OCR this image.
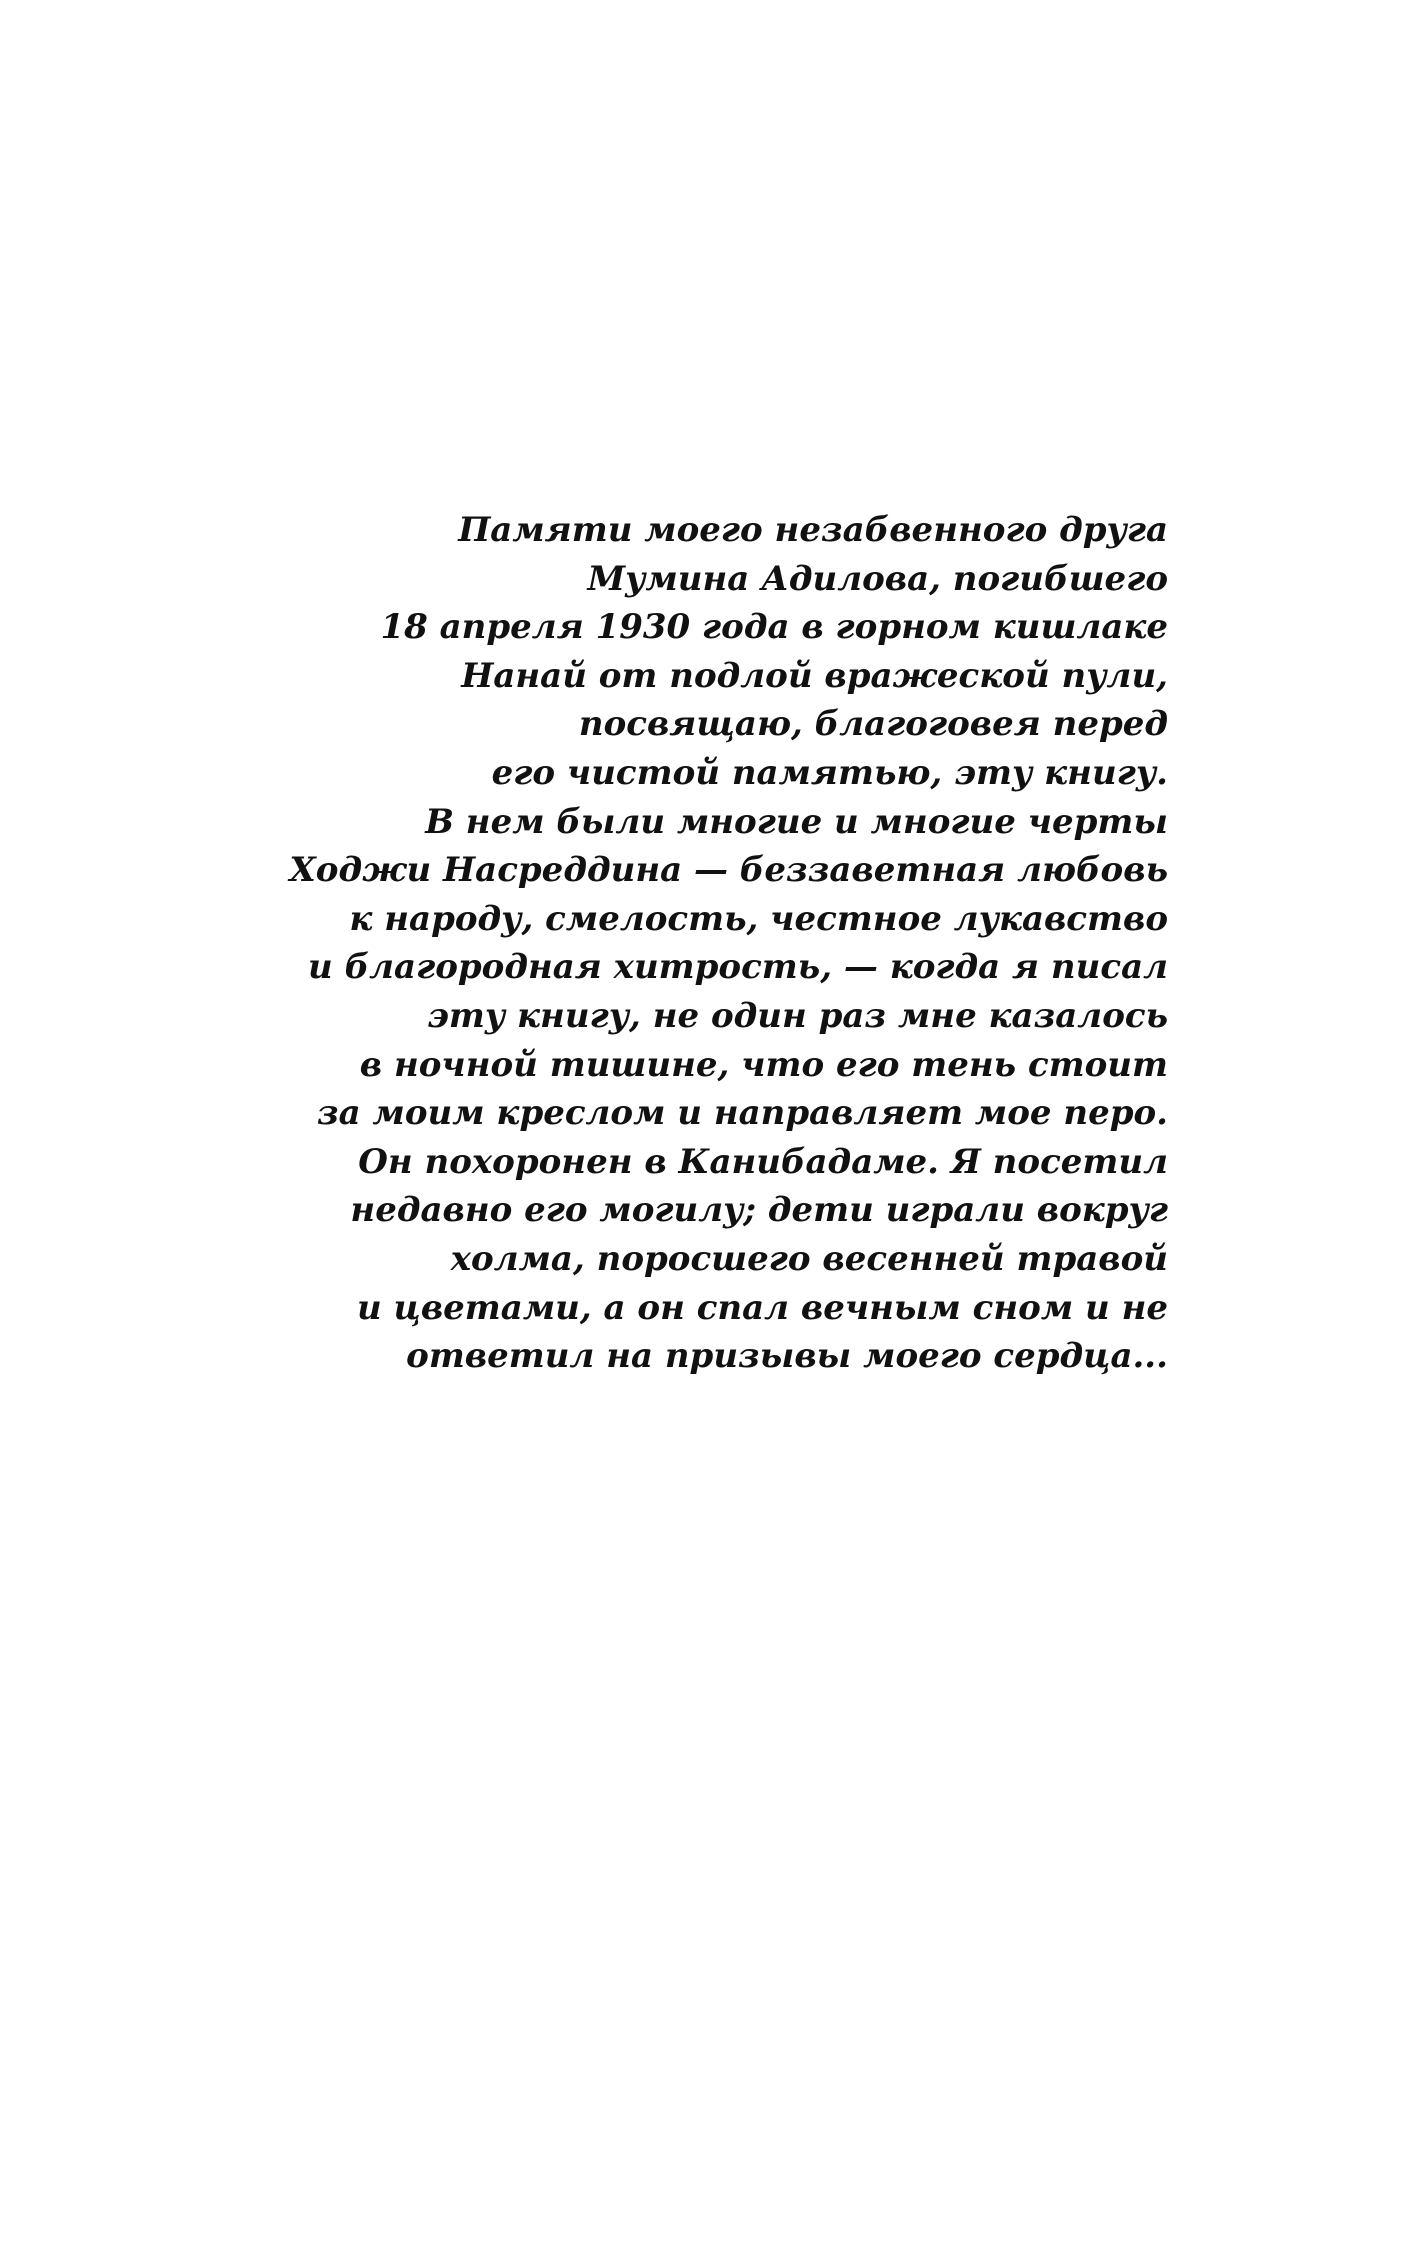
Памяти моего незабвенного друга
Мумина Адилова, погибшего
18 апреля 1930 года в горном кишлаке
Нанай от подлой вражеской пули,
посвящаю, благоговея перед
его чистой памятью, эту книгу.
В нем были многие и многие черты
Ходжи Насреддина — беззаветная любовь
к народу, смелость, честное лукавство
и благородная хитрость, — когда я писал
эту книгу, не один раз мне казалось
в ночной тишине, что его тень стоит
за моим креслом и направляет мое перо.
Он похоронен в Канибадаме. Я посетил
недавно его могилу; дети играли вокруг
холма, поросшего весенней травой
и цветами, а он спал вечным сном и не
ответил на призывы моего сердца...
